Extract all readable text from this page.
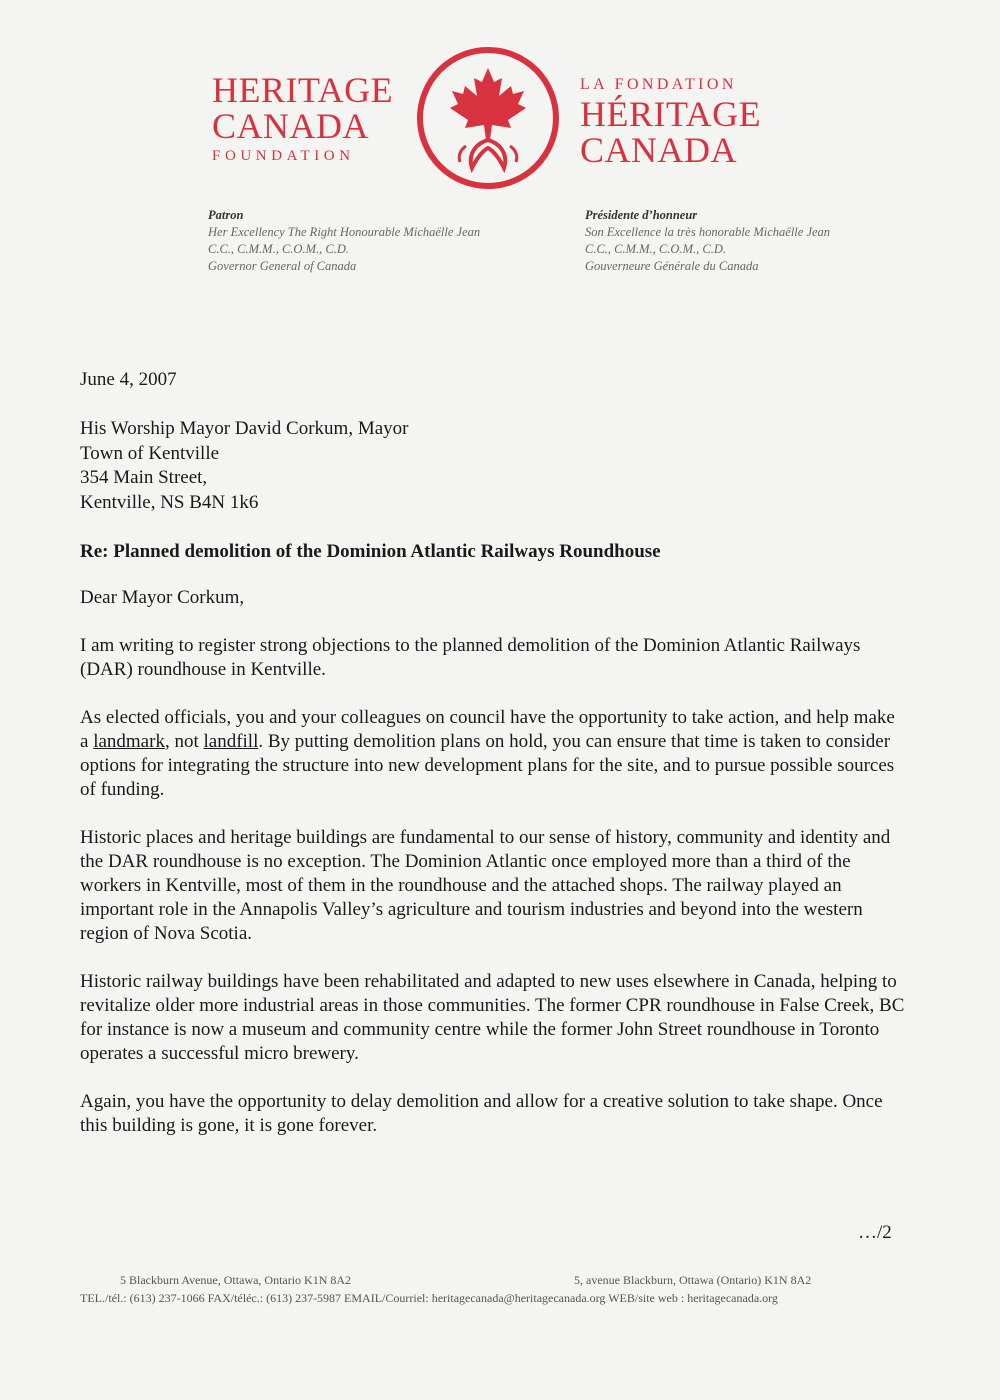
HERITAGE
CANADA
FOUNDATION
LA FONDATION
HÉRITAGE
CANADA
Patron
Her Excellency The Right Honourable Michaëlle Jean
C.C., C.M.M., C.O.M., C.D.
Governor General of Canada
Présidente d’honneur
Son Excellence la très honorable Michaëlle Jean
C.C., C.M.M., C.O.M., C.D.
Gouverneure Générale du Canada
June 4, 2007
His Worship Mayor David Corkum, Mayor
Town of Kentville
354 Main Street,
Kentville, NS B4N 1k6
Re: Planned demolition of the Dominion Atlantic Railways Roundhouse
Dear Mayor Corkum,

I am writing to register strong objections to the planned demolition of the Dominion Atlantic Railways (DAR) roundhouse in Kentville.

As elected officials, you and your colleagues on council have the opportunity to take action, and help make a landmark, not landfill. By putting demolition plans on hold, you can ensure that time is taken to consider options for integrating the structure into new development plans for the site, and to pursue possible sources of funding.

Historic places and heritage buildings are fundamental to our sense of history, community and identity and the DAR roundhouse is no exception. The Dominion Atlantic once employed more than a third of the workers in Kentville, most of them in the roundhouse and the attached shops. The railway played an important role in the Annapolis Valley’s agriculture and tourism industries and beyond into the western region of Nova Scotia.

Historic railway buildings have been rehabilitated and adapted to new uses elsewhere in Canada, helping to revitalize older more industrial areas in those communities. The former CPR roundhouse in False Creek, BC for instance is now a museum and community centre while the former John Street roundhouse in Toronto operates a successful micro brewery.

Again, you have the opportunity to delay demolition and allow for a creative solution to take shape. Once this building is gone, it is gone forever.

…/2
5 Blackburn Avenue, Ottawa, Ontario K1N 8A2	5, avenue Blackburn, Ottawa (Ontario) K1N 8A2
TEL./tél.: (613) 237-1066 FAX/téléc.: (613) 237-5987 EMAIL/Courriel: heritagecanada@heritagecanada.org WEB/site web : heritagecanada.org
